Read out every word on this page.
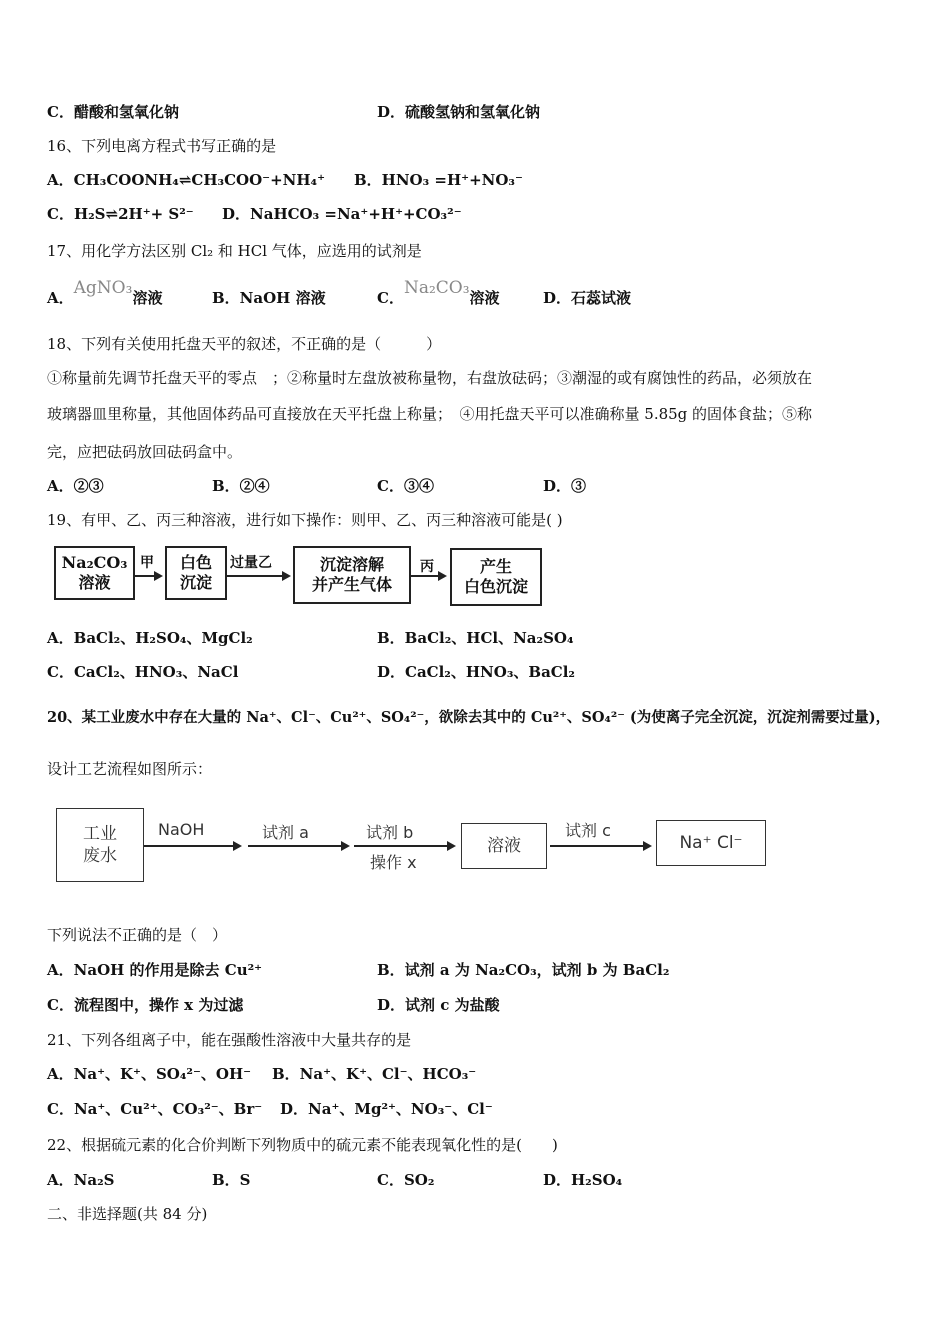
C．醋酸和氢氧化钠	D．硫酸氢钠和氢氧化钠
16、下列电离方程式书写正确的是
A．CH₃COONH₄⇌CH₃COO⁻+NH₄⁺ B．HNO₃ =H⁺+NO₃⁻
C．H₂S⇌2H⁺+ S²⁻ D．NaHCO₃ =Na⁺+H⁺+CO₃²⁻
17、用化学方法区别 Cl₂ 和 HCl 气体，应选用的试剂是
A．AgNO₃溶液	B．NaOH 溶液	C．Na₂CO₃溶液	D．石蕊试液
18、下列有关使用托盘天平的叙述，不正确的是（　　　）
①称量前先调节托盘天平的零点　；②称量时左盘放被称量物，右盘放砝码；③潮湿的或有腐蚀性的药品，必须放在
玻璃器皿里称量，其他固体药品可直接放在天平托盘上称量；　④用托盘天平可以准确称量 5.85g 的固体食盐；⑤称
完，应把砝码放回砝码盒中。
A．②③	B．②④	C．③④	D．③
19、有甲、乙、丙三种溶液，进行如下操作：则甲、乙、丙三种溶液可能是( )
Na₂CO₃
溶液
甲	白色
沉淀
过量乙	沉淀溶解
并产生气体
丙	产生
白色沉淀
A．BaCl₂、H₂SO₄、MgCl₂	B．BaCl₂、HCl、Na₂SO₄
C．CaCl₂、HNO₃、NaCl	D．CaCl₂、HNO₃、BaCl₂
20、某工业废水中存在大量的 Na⁺、Cl⁻、Cu²⁺、SO₄²⁻，欲除去其中的 Cu²⁺、SO₄²⁻ (为使离子完全沉淀，沉淀剂需要过量)，
设计工艺流程如图所示：
工业
废水
NaOH	试剂 a	试剂 b
操作 x
溶液
试剂 c
Na⁺ Cl⁻
下列说法不正确的是（　）
A．NaOH 的作用是除去 Cu²⁺	B．试剂 a 为 Na₂CO₃，试剂 b 为 BaCl₂
C．流程图中，操作 x 为过滤	D．试剂 c 为盐酸
21、下列各组离子中，能在强酸性溶液中大量共存的是
A．Na⁺、K⁺、SO₄²⁻、OH⁻ B．Na⁺、K⁺、Cl⁻、HCO₃⁻
C．Na⁺、Cu²⁺、CO₃²⁻、Br⁻ D．Na⁺、Mg²⁺、NO₃⁻、Cl⁻
22、根据硫元素的化合价判断下列物质中的硫元素不能表现氧化性的是(　　)
A．Na₂S	B．S	C．SO₂	D．H₂SO₄
二、非选择题(共 84 分)
